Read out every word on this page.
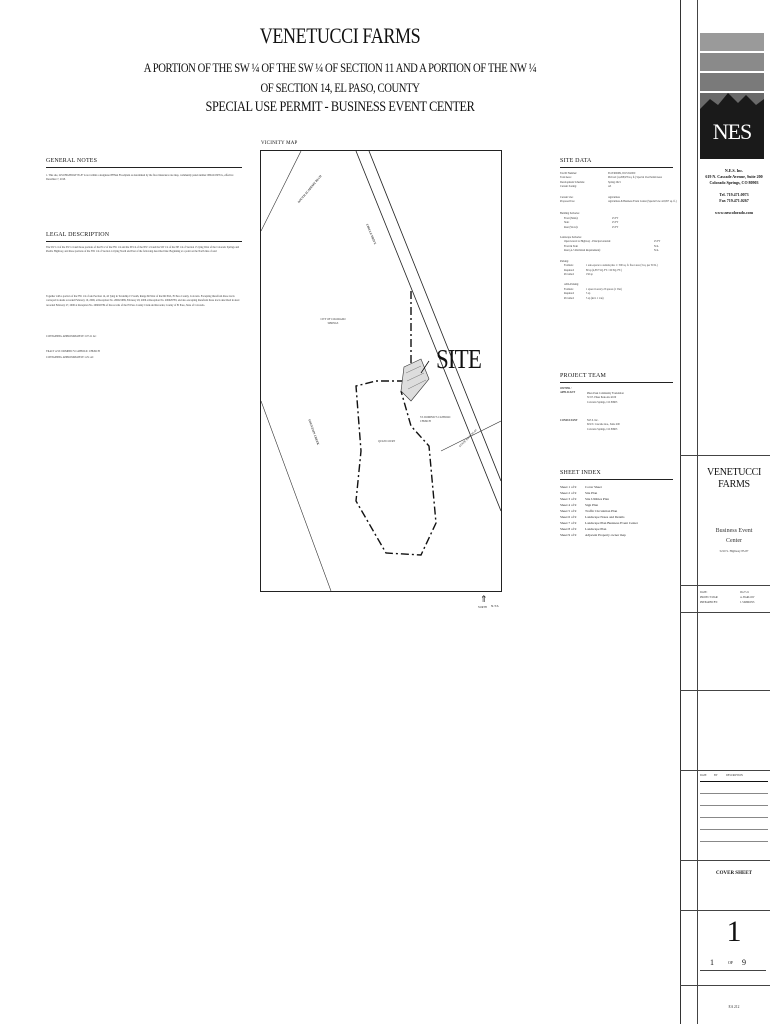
VENETUCCI FARMS
A PORTION OF THE SW ¼ OF THE SW ¼ OF SECTION 11 AND A PORTION OF THE NW ¼
OF SECTION 14, EL PASO, COUNTY
SPECIAL USE PERMIT - BUSINESS EVENT CENTER
GENERAL NOTES
1. This site, 2252 HIGHWAY 85-87 is not within a designated FEMA Floodplain as determined by the flood insurance rate map, community panel number 08041C0976 G, effective December 7, 2018.
LEGAL DESCRIPTION
The SW 1/4 of the SW 1/4 and those portions of the E1/2 of the NW 1/4 and the SE1/4 of the NW 1/4 and the SW 1/4 of the NE 1/4 of Section 15 lying West of the Colorado Springs and Pueblo Highway, and those portions of the NW 1/4 of Section 14 lying North and East of the following described line: Beginning at a point on the North line of said
Together with a portion of the NW 1/4 of said Section 14, all lying in Township 15 South, Range 66 West of the 6th P.M., El Paso County, Colorado. Excepting therefrom those tracts conveyed in deeds recorded February 10, 2006, at Reception No. 206021689, February 28, 2006 at Reception No. 206029783, and also excepting therefrom those tracts described in deed recorded February 27, 2006 at Reception No. 206029784 of the records of the El Paso County Clerk and Recorder, County of El Paso, State of Colorado.
CONTAINING APPROXIMATELY: 107.21 AC
TRACT A ST. DOMINIC'S CATHOLIC CHURCH
CONTAINING APPROXIMATELY: 4.51 AC
VICINITY MAP
SITE
SOUTH ACADEMY BLVD
CIRCLE DRIVE
CITY OF COLORADO SPRINGS
ST. DOMINIC'S CATHOLIC CHURCH
QUATI COURT
FOUNTAIN CREEK	STATE HWY 85-87
⇑
NORTH N.T.S.
SITE DATA
Tax ID Number:	6515300009, 6515312000
Total Area:	96.6 AC (4,208,976 sq. ft.) Special Use Permit Area
Development Schedule:	Spring 2021
Current Zoning:	A5
Current Use:	Agriculture
Proposed Use:	Agriculture & Business Event Center (Special Use 4-8,857 sq. ft.)
Building Setbacks:
Front (Main):	25 FT
Side:	25 FT
Rear (Worst):	25 FT
Landscape Setbacks:
Open Gravel to Highway - Principal Arterial:	25 FT
Front & Side:	N/A
Rear (A-5 Permitted Requirement):	N/A
Parking:
Formula:	1 auto-space to outside plus 1 / 500 sq. ft. floor area (3 sq. per 50 lb.)
Required:	80 sp (4,857 SQ. FT. / 60 SQ. FT.)
Provided:	150 sp
ADA Parking:
Formula:	1 space in every 25 spaces (1 Van)
Required:	5 sp
Provided:	5 sp (incl. 1 van)
PROJECT TEAM
OWNER / APPLICANT	Pikes Peak Community Foundation
315 E. Pikes Peak Ave #100
Colorado Springs, CO 80903
CONSULTANT	N.E.S. Inc.
619 N. Cascade Ave., Suite 200
Colorado Springs, CO 80903
SHEET INDEX
Sheet 1 of 9	Cover Sheet
Sheet 2 of 9	Site Plan
Sheet 3 of 9	Site Utilities Plan
Sheet 4 of 9	Sign Plan
Sheet 5 of 9	Traffic Circulation Plan
Sheet 6 of 9	Landscape Notes and Details
Sheet 7 of 9	Landscape Plan Business Event Center
Sheet 8 of 9	Landscape Plan
Sheet 9 of 9	Adjacent Property owner map

NES
N.E.S. Inc.
619 N. Cascade Avenue, Suite 200
Colorado Springs, CO 80903
Tel. 719.471.0073
Fax 719.471.0267
www.nescolorado.com
VENETUCCI
FARMS
Business Event
Center
5210 S. Highway 85-87
DATE:	09.27.21
PROJECT MGR:	A. BARLOW
PREPARED BY:	J. SIMMONS
DATE	BY	DESCRIPTION
COVER SHEET
1
1	OF 9
EA 212
